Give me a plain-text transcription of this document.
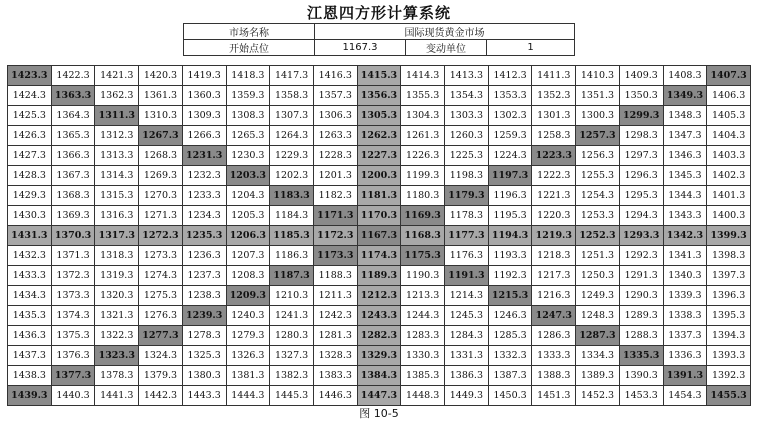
江恩四方形计算系统
市场名称	国际现货黄金市场		
开始点位	1167.3	变动单位	1
1423.3	1422.3	1421.3	1420.3	1419.3	1418.3	1417.3	1416.3	1415.3	1414.3	1413.3	1412.3	1411.3	1410.3	1409.3	1408.3	1407.3
1424.3	1363.3	1362.3	1361.3	1360.3	1359.3	1358.3	1357.3	1356.3	1355.3	1354.3	1353.3	1352.3	1351.3	1350.3	1349.3	1406.3
1425.3	1364.3	1311.3	1310.3	1309.3	1308.3	1307.3	1306.3	1305.3	1304.3	1303.3	1302.3	1301.3	1300.3	1299.3	1348.3	1405.3
1426.3	1365.3	1312.3	1267.3	1266.3	1265.3	1264.3	1263.3	1262.3	1261.3	1260.3	1259.3	1258.3	1257.3	1298.3	1347.3	1404.3
1427.3	1366.3	1313.3	1268.3	1231.3	1230.3	1229.3	1228.3	1227.3	1226.3	1225.3	1224.3	1223.3	1256.3	1297.3	1346.3	1403.3
1428.3	1367.3	1314.3	1269.3	1232.3	1203.3	1202.3	1201.3	1200.3	1199.3	1198.3	1197.3	1222.3	1255.3	1296.3	1345.3	1402.3
1429.3	1368.3	1315.3	1270.3	1233.3	1204.3	1183.3	1182.3	1181.3	1180.3	1179.3	1196.3	1221.3	1254.3	1295.3	1344.3	1401.3
1430.3	1369.3	1316.3	1271.3	1234.3	1205.3	1184.3	1171.3	1170.3	1169.3	1178.3	1195.3	1220.3	1253.3	1294.3	1343.3	1400.3
1431.3	1370.3	1317.3	1272.3	1235.3	1206.3	1185.3	1172.3	1167.3	1168.3	1177.3	1194.3	1219.3	1252.3	1293.3	1342.3	1399.3
1432.3	1371.3	1318.3	1273.3	1236.3	1207.3	1186.3	1173.3	1174.3	1175.3	1176.3	1193.3	1218.3	1251.3	1292.3	1341.3	1398.3
1433.3	1372.3	1319.3	1274.3	1237.3	1208.3	1187.3	1188.3	1189.3	1190.3	1191.3	1192.3	1217.3	1250.3	1291.3	1340.3	1397.3
1434.3	1373.3	1320.3	1275.3	1238.3	1209.3	1210.3	1211.3	1212.3	1213.3	1214.3	1215.3	1216.3	1249.3	1290.3	1339.3	1396.3
1435.3	1374.3	1321.3	1276.3	1239.3	1240.3	1241.3	1242.3	1243.3	1244.3	1245.3	1246.3	1247.3	1248.3	1289.3	1338.3	1395.3
1436.3	1375.3	1322.3	1277.3	1278.3	1279.3	1280.3	1281.3	1282.3	1283.3	1284.3	1285.3	1286.3	1287.3	1288.3	1337.3	1394.3
1437.3	1376.3	1323.3	1324.3	1325.3	1326.3	1327.3	1328.3	1329.3	1330.3	1331.3	1332.3	1333.3	1334.3	1335.3	1336.3	1393.3
1438.3	1377.3	1378.3	1379.3	1380.3	1381.3	1382.3	1383.3	1384.3	1385.3	1386.3	1387.3	1388.3	1389.3	1390.3	1391.3	1392.3
1439.3	1440.3	1441.3	1442.3	1443.3	1444.3	1445.3	1446.3	1447.3	1448.3	1449.3	1450.3	1451.3	1452.3	1453.3	1454.3	1455.3
图 10-5
